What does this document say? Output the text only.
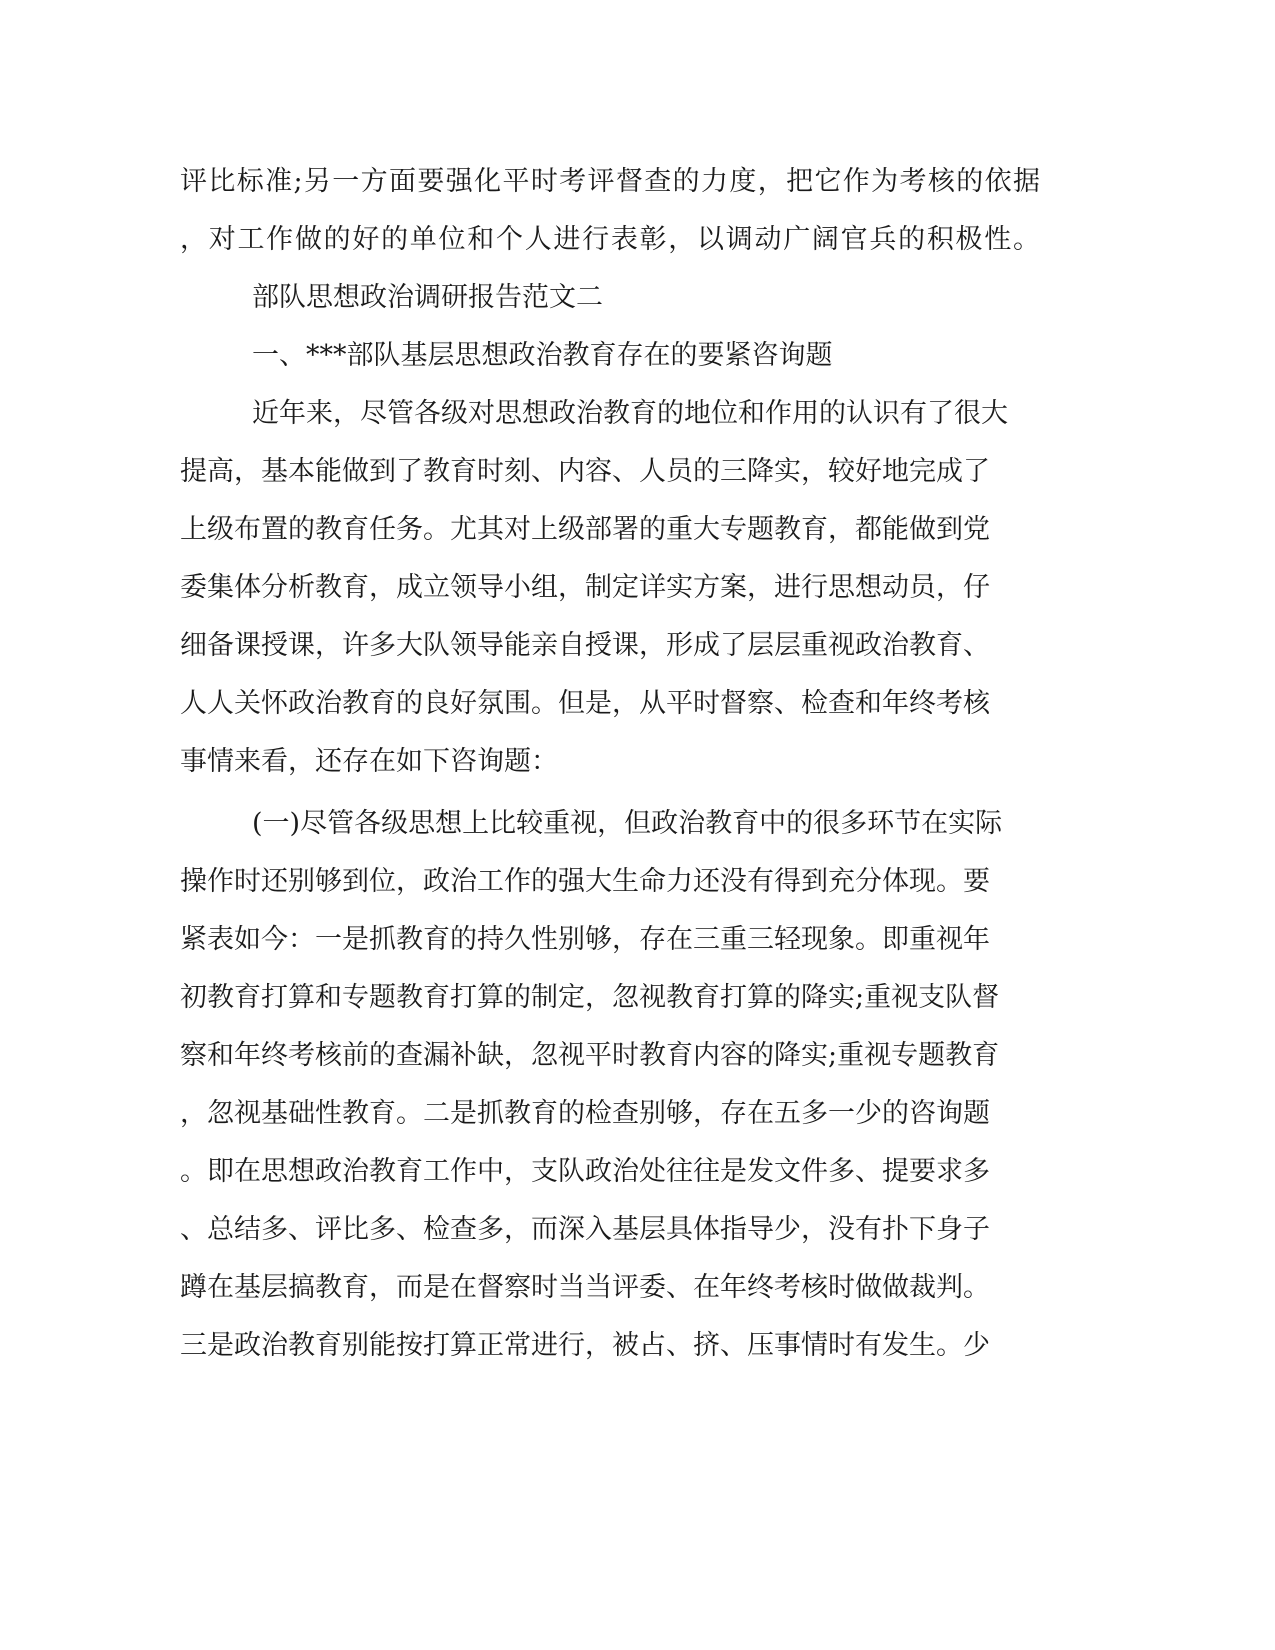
评比标准;另一方面要强化平时考评督查的力度，把它作为考核的依据
，对工作做的好的单位和个人进行表彰，以调动广阔官兵的积极性。
部队思想政治调研报告范文二
一、***部队基层思想政治教育存在的要紧咨询题
近年来，尽管各级对思想政治教育的地位和作用的认识有了很大
提高，基本能做到了教育时刻、内容、人员的三降实，较好地完成了
上级布置的教育任务。尤其对上级部署的重大专题教育，都能做到党
委集体分析教育，成立领导小组，制定详实方案，进行思想动员，仔
细备课授课，许多大队领导能亲自授课，形成了层层重视政治教育、
人人关怀政治教育的良好氛围。但是，从平时督察、检查和年终考核
事情来看，还存在如下咨询题：
(一)尽管各级思想上比较重视，但政治教育中的很多环节在实际
操作时还别够到位，政治工作的强大生命力还没有得到充分体现。要
紧表如今：一是抓教育的持久性别够，存在三重三轻现象。即重视年
初教育打算和专题教育打算的制定，忽视教育打算的降实;重视支队督
察和年终考核前的查漏补缺，忽视平时教育内容的降实;重视专题教育
，忽视基础性教育。二是抓教育的检查别够，存在五多一少的咨询题
。即在思想政治教育工作中，支队政治处往往是发文件多、提要求多
、总结多、评比多、检查多，而深入基层具体指导少，没有扑下身子
蹲在基层搞教育，而是在督察时当当评委、在年终考核时做做裁判。
三是政治教育别能按打算正常进行，被占、挤、压事情时有发生。少
